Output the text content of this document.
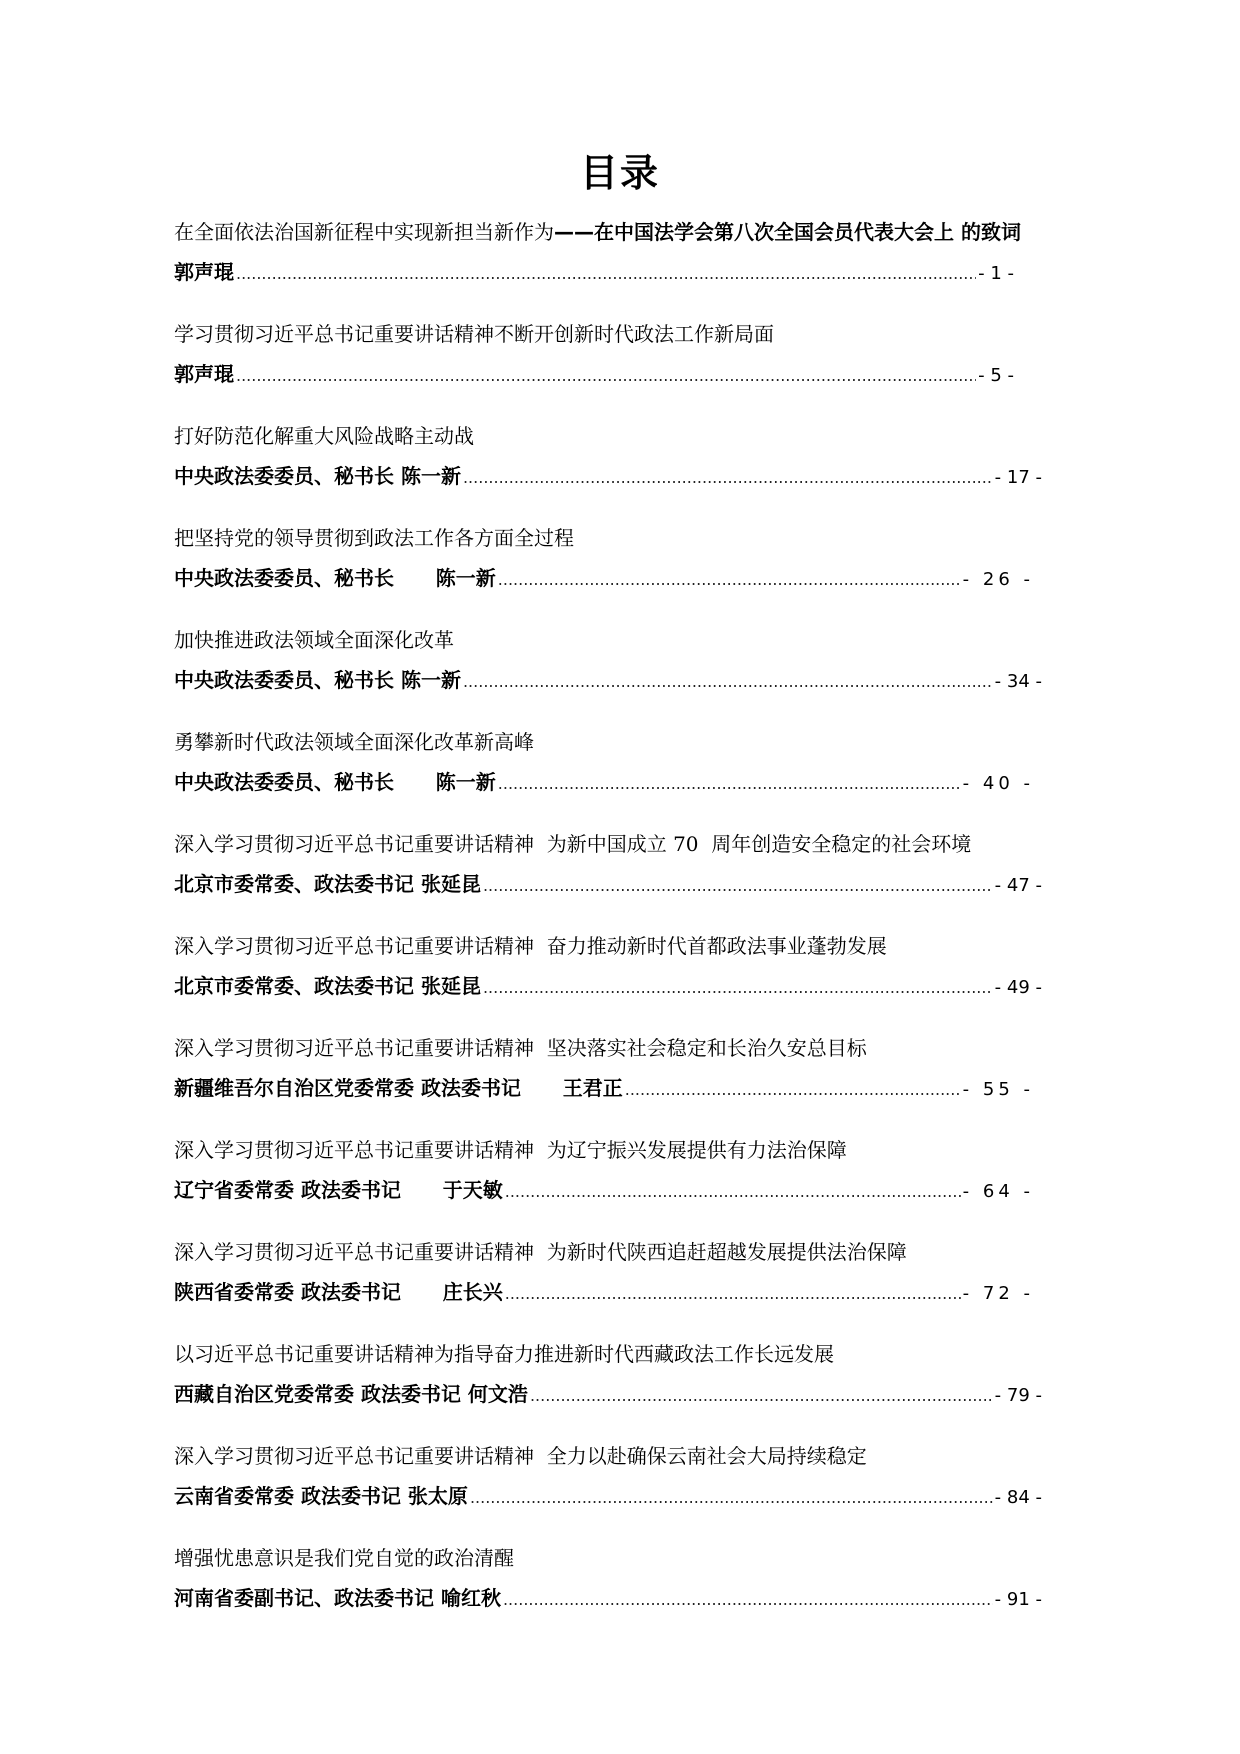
目录
在全面依法治国新征程中实现新担当新作为——在中国法学会第八次全国会员代表大会上 的致词
郭声琨 .....	- 1 -
学习贯彻习近平总书记重要讲话精神不断开创新时代政法工作新局面
郭声琨 .....	- 5 -
打好防范化解重大风险战略主动战
中央政法委委员、秘书长 陈一新 .....	- 17 -
把坚持党的领导贯彻到政法工作各方面全过程
中央政法委委员、秘书长      陈一新 .....	- 26 -
加快推进政法领域全面深化改革
中央政法委委员、秘书长 陈一新 .....	- 34 -
勇攀新时代政法领域全面深化改革新高峰
中央政法委委员、秘书长      陈一新 .....	- 40 -
深入学习贯彻习近平总书记重要讲话精神  为新中国成立 70  周年创造安全稳定的社会环境
北京市委常委、政法委书记 张延昆 .....	- 47 -
深入学习贯彻习近平总书记重要讲话精神  奋力推动新时代首都政法事业蓬勃发展
北京市委常委、政法委书记 张延昆 .....	- 49 -
深入学习贯彻习近平总书记重要讲话精神  坚决落实社会稳定和长治久安总目标
新疆维吾尔自治区党委常委 政法委书记      王君正 .....	- 55 -
深入学习贯彻习近平总书记重要讲话精神  为辽宁振兴发展提供有力法治保障
辽宁省委常委 政法委书记      于天敏 .....	- 64 -
深入学习贯彻习近平总书记重要讲话精神  为新时代陕西追赶超越发展提供法治保障
陕西省委常委 政法委书记      庄长兴 .....	- 72 -
以习近平总书记重要讲话精神为指导奋力推进新时代西藏政法工作长远发展
西藏自治区党委常委 政法委书记 何文浩 .....	- 79 -
深入学习贯彻习近平总书记重要讲话精神  全力以赴确保云南社会大局持续稳定
云南省委常委 政法委书记 张太原 .....	- 84 -
增强忧患意识是我们党自觉的政治清醒
河南省委副书记、政法委书记 喻红秋 .....	- 91 -
